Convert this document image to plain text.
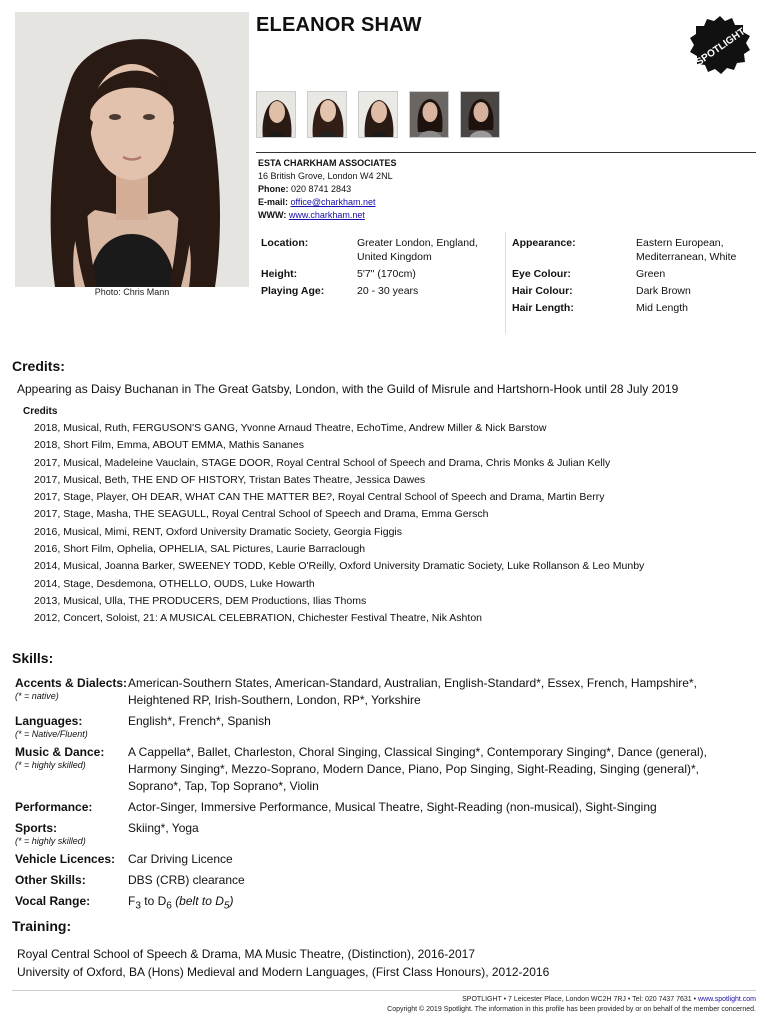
Photo: Chris Mann
ELEANOR SHAW
SPOTLIGHT
ESTA CHARKHAM ASSOCIATES
16 British Grove, London W4 2NL
Phone: 020 8741 2843
E-mail: office@charkham.net
WWW: www.charkham.net
Location:	Greater London, England, United Kingdom
Height:	5'7" (170cm)
Playing Age:	20 - 30 years
Appearance:	Eastern European, Mediterranean, White
Eye Colour:	Green
Hair Colour:	Dark Brown
Hair Length:	Mid Length
Credits:
Appearing as Daisy Buchanan in The Great Gatsby, London, with the Guild of Misrule and Hartshorn-Hook until 28 July 2019
Credits
2018, Musical, Ruth, FERGUSON'S GANG, Yvonne Arnaud Theatre, EchoTime, Andrew Miller & Nick Barstow
2018, Short Film, Emma, ABOUT EMMA, Mathis Sananes
2017, Musical, Madeleine Vauclain, STAGE DOOR, Royal Central School of Speech and Drama, Chris Monks & Julian Kelly
2017, Musical, Beth, THE END OF HISTORY, Tristan Bates Theatre, Jessica Dawes
2017, Stage, Player, OH DEAR, WHAT CAN THE MATTER BE?, Royal Central School of Speech and Drama, Martin Berry
2017, Stage, Masha, THE SEAGULL, Royal Central School of Speech and Drama, Emma Gersch
2016, Musical, Mimi, RENT, Oxford University Dramatic Society, Georgia Figgis
2016, Short Film, Ophelia, OPHELIA, SAL Pictures, Laurie Barraclough
2014, Musical, Joanna Barker, SWEENEY TODD, Keble O'Reilly, Oxford University Dramatic Society, Luke Rollanson & Leo Munby
2014, Stage, Desdemona, OTHELLO, OUDS, Luke Howarth
2013, Musical, Ulla, THE PRODUCERS, DEM Productions, Ilias Thoms
2012, Concert, Soloist, 21: A MUSICAL CELEBRATION, Chichester Festival Theatre, Nik Ashton
Skills:
Accents & Dialects:
(* = native)
American-Southern States, American-Standard, Australian, English-Standard*, Essex, French, Hampshire*, Heightened RP, Irish-Southern, London, RP*, Yorkshire
Languages:
(* = Native/Fluent)
English*, French*, Spanish
Music & Dance:
(* = highly skilled)
A Cappella*, Ballet, Charleston, Choral Singing, Classical Singing*, Contemporary Singing*, Dance (general), Harmony Singing*, Mezzo-Soprano, Modern Dance, Piano, Pop Singing, Sight-Reading, Singing (general)*, Soprano*, Tap, Top Soprano*, Violin
Performance:	Actor-Singer, Immersive Performance, Musical Theatre, Sight-Reading (non-musical), Sight-Singing
Sports:
(* = highly skilled)
Skiing*, Yoga
Vehicle Licences:	Car Driving Licence
Other Skills:	DBS (CRB) clearance
Vocal Range:	$F_3$ to $D_6$ (belt to $D_5$)
Training:
Royal Central School of Speech & Drama, MA Music Theatre, (Distinction), 2016-2017
University of Oxford, BA (Hons) Medieval and Modern Languages, (First Class Honours), 2012-2016
SPOTLIGHT • 7 Leicester Place, London WC2H 7RJ • Tel: 020 7437 7631 • www.spotlight.com
Copyright © 2019 Spotlight. The information in this profile has been provided by or on behalf of the member concerned.
